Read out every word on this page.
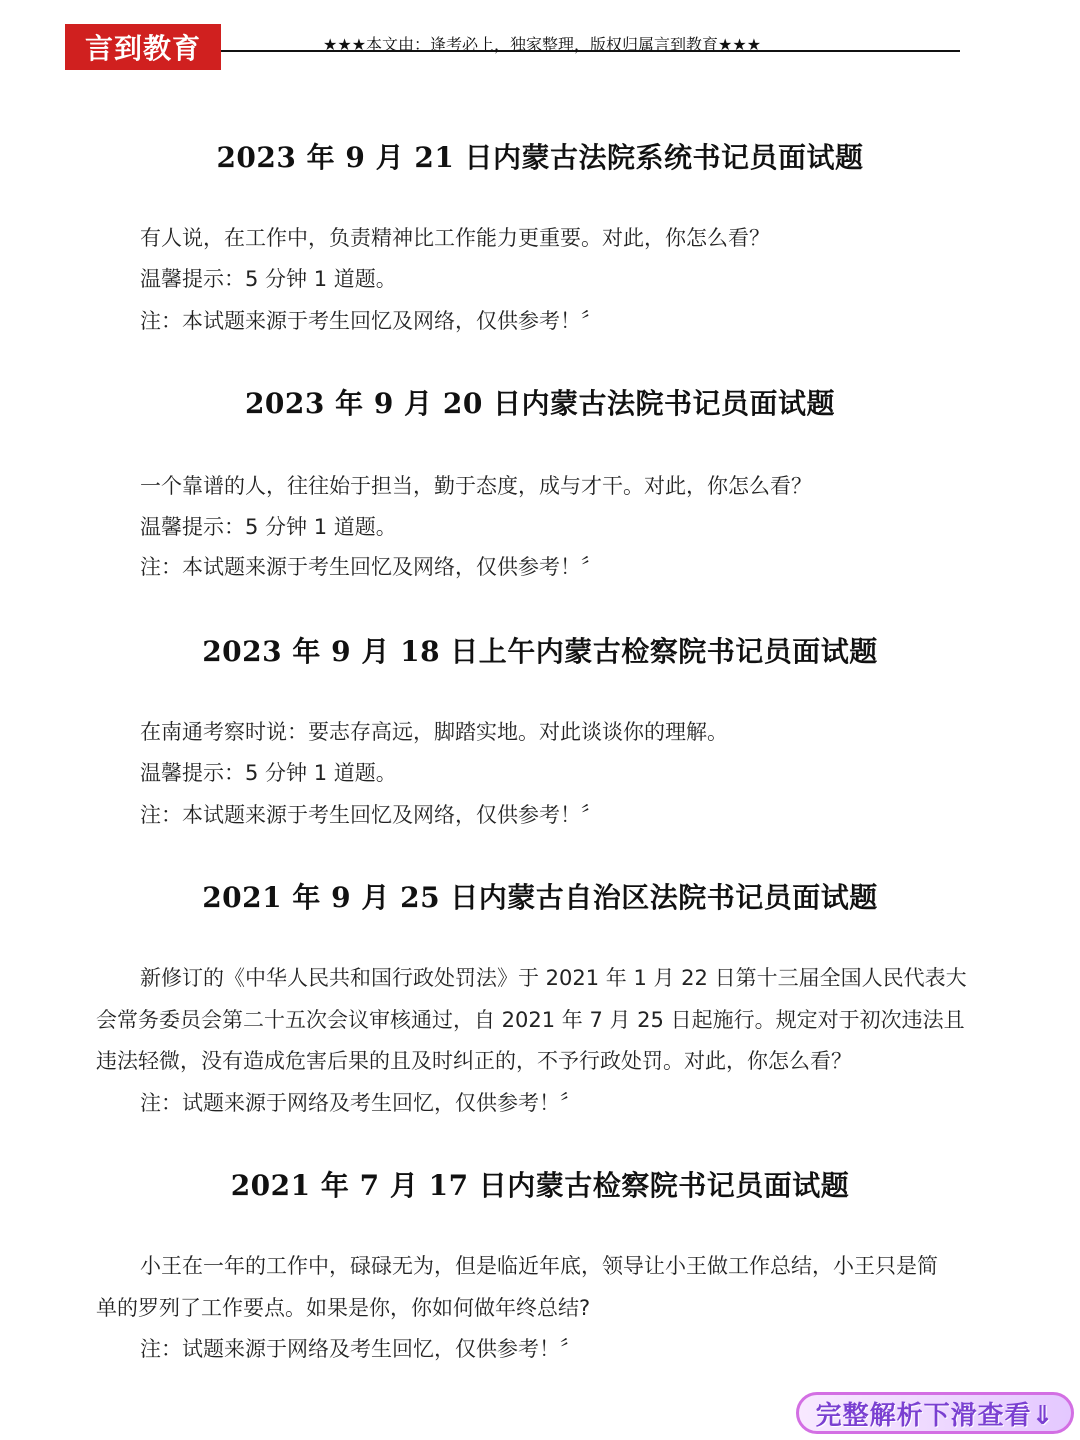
言到教育	★★★本文由：逢考必上，独家整理，版权归属言到教育★★★
2023 年 9 月 21 日内蒙古法院系统书记员面试题
有人说，在工作中，负责精神比工作能力更重要。对此，你怎么看？
温馨提示：5 分钟 1 道题。
注：本试题来源于考生回忆及网络，仅供参考！〞
2023 年 9 月 20 日内蒙古法院书记员面试题
一个靠谱的人，往往始于担当，勤于态度，成与才干。对此，你怎么看？
温馨提示：5 分钟 1 道题。
注：本试题来源于考生回忆及网络，仅供参考！〞
2023 年 9 月 18 日上午内蒙古检察院书记员面试题
在南通考察时说：要志存高远，脚踏实地。对此谈谈你的理解。
温馨提示：5 分钟 1 道题。
注：本试题来源于考生回忆及网络，仅供参考！〞
2021 年 9 月 25 日内蒙古自治区法院书记员面试题
新修订的《中华人民共和国行政处罚法》于 2021 年 1 月 22 日第十三届全国人民代表大
会常务委员会第二十五次会议审核通过，自 2021 年 7 月 25 日起施行。规定对于初次违法且
违法轻微，没有造成危害后果的且及时纠正的，不予行政处罚。对此，你怎么看？
注：试题来源于网络及考生回忆，仅供参考！〞
2021 年 7 月 17 日内蒙古检察院书记员面试题
小王在一年的工作中，碌碌无为，但是临近年底，领导让小王做工作总结，小王只是简
单的罗列了工作要点。如果是你，你如何做年终总结?
注：试题来源于网络及考生回忆，仅供参考！〞
完整解析下滑查看⇓
